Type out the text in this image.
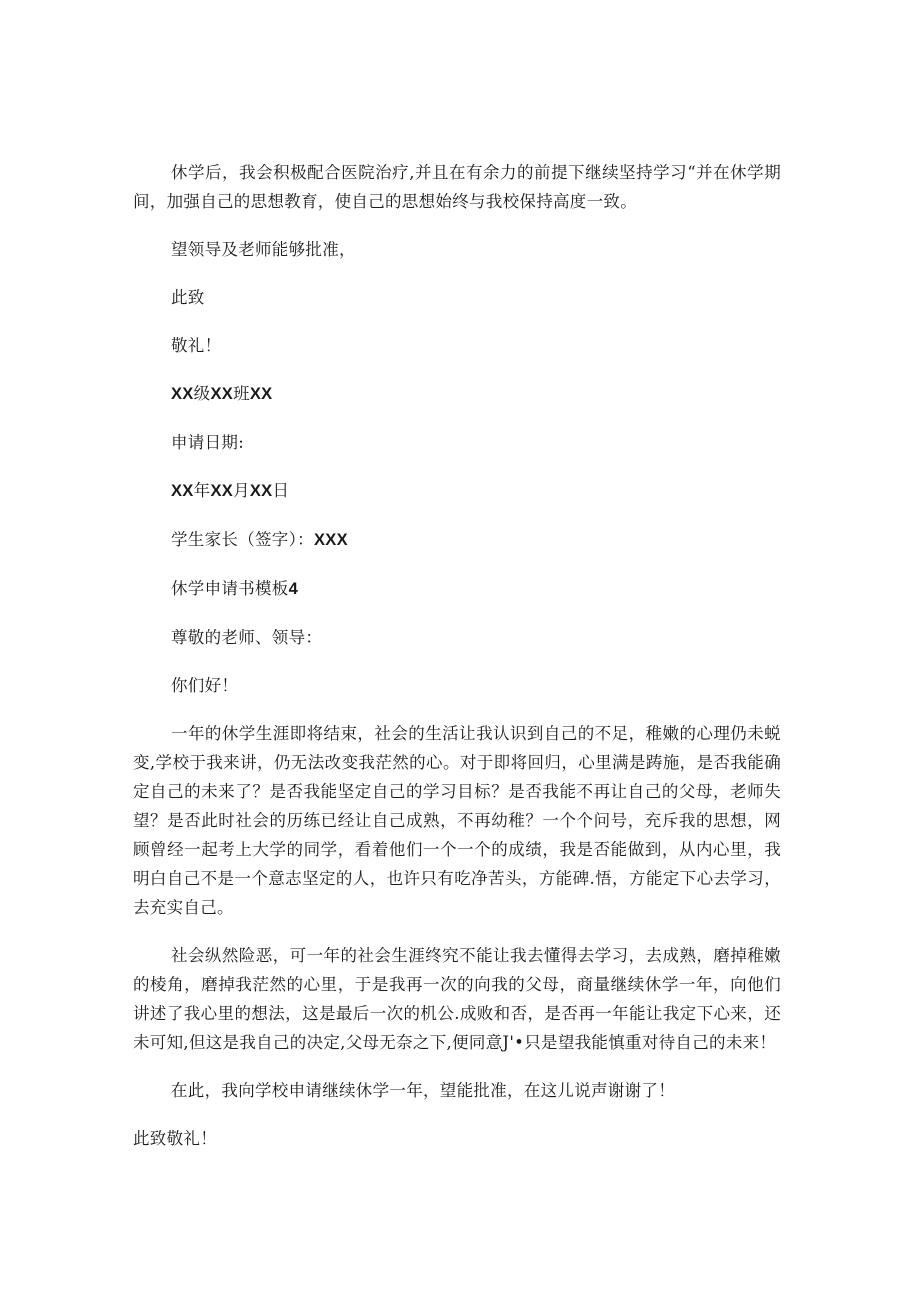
休学后，我会积极配合医院治疗,并且在有余力的前提下继续坚持学习“并在休学期间，加强自己的思想教育，使自己的思想始终与我校保持高度一致。

望领导及老师能够批准，

此致

敬礼！

XX级XX班XX

申请日期:

XX年XX月XX日

学生家长（签字）：XXX

休学申请书模板4

尊敬的老师、领导：

你们好！

一年的休学生涯即将结束，社会的生活让我认识到自己的不足，稚嫩的心理仍未蜕变,学校于我来讲，仍无法改变我茫然的心。对于即将回归，心里满是踌施，是否我能确定自己的未来了？是否我能坚定自己的学习目标？是否我能不再让自己的父母，老师失望？是否此时社会的历练已经让自己成熟，不再幼稚？一个个问号，充斥我的思想，网顾曾经一起考上大学的同学，看着他们一个一个的成绩，我是否能做到，从内心里，我明白自己不是一个意志坚定的人，也许只有吃净苦头，方能碑.悟，方能定下心去学习，去充实自己。

社会纵然险恶，可一年的社会生涯终究不能让我去懂得去学习，去成熟，磨掉稚嫩的棱角，磨掉我茫然的心里，于是我再一次的向我的父母，商量继续休学一年，向他们讲述了我心里的想法，这是最后一次的机公.成败和否，是否再一年能让我定下心来，还未可知,但这是我自己的决定,父母无奈之下,便同意J'•只是望我能慎重对待自己的未来！

在此，我向学校申请继续休学一年，望能批准，在这儿说声谢谢了！

此致敬礼！
